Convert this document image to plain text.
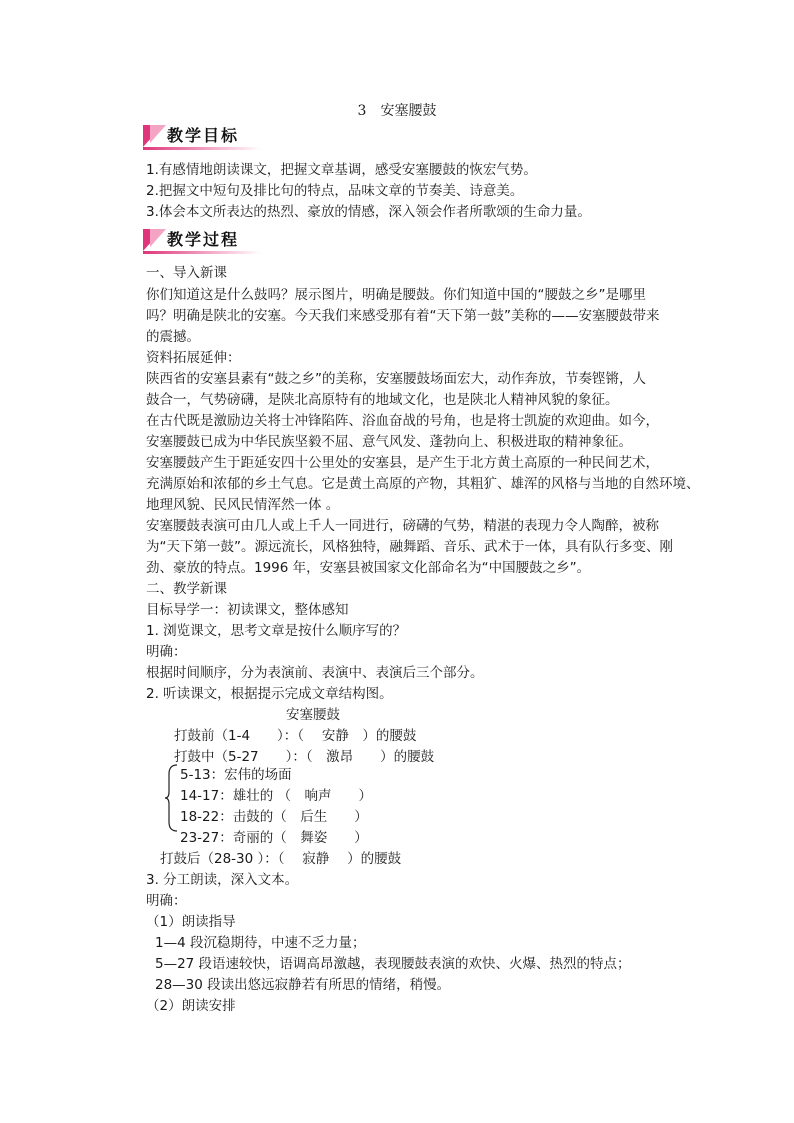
3　安塞腰鼓
教学目标
1.有感情地朗读课文，把握文章基调，感受安塞腰鼓的恢宏气势。
2.把握文中短句及排比句的特点，品味文章的节奏美、诗意美。
3.体会本文所表达的热烈、豪放的情感，深入领会作者所歌颂的生命力量。
教学过程
一、导入新课
你们知道这是什么鼓吗？展示图片，明确是腰鼓。你们知道中国的“腰鼓之乡”是哪里
吗？明确是陕北的安塞。今天我们来感受那有着“天下第一鼓”美称的——安塞腰鼓带来
的震撼。
资料拓展延伸：
陕西省的安塞县素有“鼓之乡”的美称，安塞腰鼓场面宏大，动作奔放，节奏铿锵，人
鼓合一，气势磅礴，是陕北高原特有的地域文化，也是陕北人精神风貌的象征。
在古代既是激励边关将士冲锋陷阵、浴血奋战的号角，也是将士凯旋的欢迎曲。如今，
安塞腰鼓已成为中华民族坚毅不屈、意气风发、蓬勃向上、积极进取的精神象征。
安塞腰鼓产生于距延安四十公里处的安塞县，是产生于北方黄土高原的一种民间艺术，
充满原始和浓郁的乡土气息。它是黄土高原的产物，其粗犷、雄浑的风格与当地的自然环境、
地理风貌、民风民情浑然一体 。
安塞腰鼓表演可由几人或上千人一同进行，磅礴的气势，精湛的表现力令人陶醉，被称
为“天下第一鼓”。源远流长，风格独特，融舞蹈、音乐、武术于一体，具有队行多变、刚
劲、豪放的特点。1996 年，安塞县被国家文化部命名为“中国腰鼓之乡”。
二、教学新课
目标导学一：初读课文，整体感知
1. 浏览课文，思考文章是按什么顺序写的？
明确：
根据时间顺序，分为表演前、表演中、表演后三个部分。
2. 听读课文，根据提示完成文章结构图。
安塞腰鼓
打鼓前（1-4　　）：（　 安静　）的腰鼓
打鼓中（5-27　　）：（　激昂　　）的腰鼓
5-13：宏伟的场面
14-17：雄壮的 （　响声　　）
18-22：击鼓的（　后生　　）
23-27：奇丽的（　舞姿　　）
打鼓后（28-30 ）：（　 寂静　 ）的腰鼓
3. 分工朗读，深入文本。
明确：
（1）朗读指导
1—4 段沉稳期待，中速不乏力量；
5—27 段语速较快，语调高昂激越，表现腰鼓表演的欢快、火爆、热烈的特点；
28—30 段读出悠远寂静若有所思的情绪，稍慢。
（2）朗读安排
